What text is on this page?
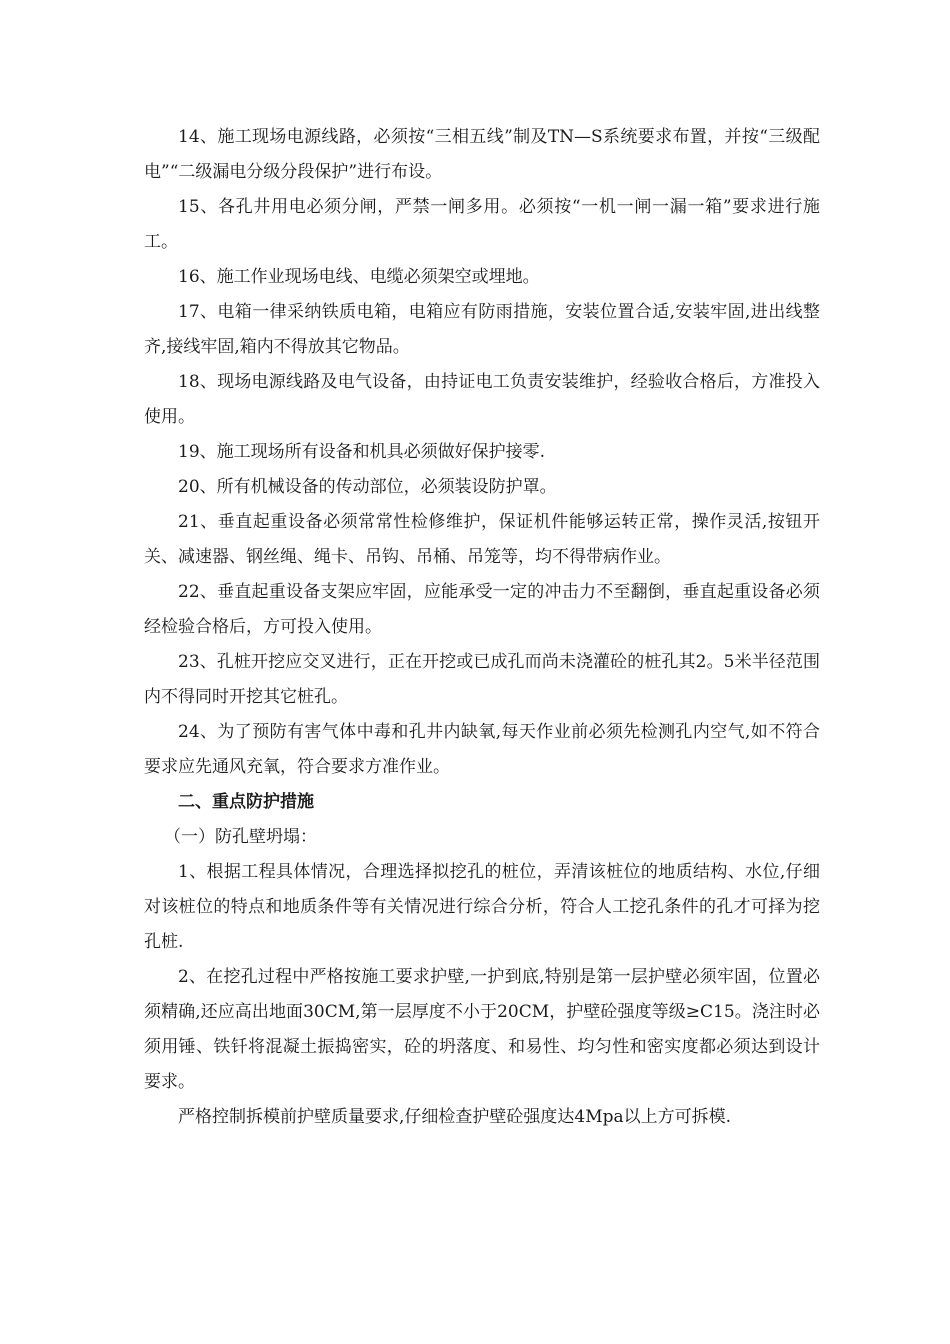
14、施工现场电源线路，必须按“三相五线”制及TN—S系统要求布置，并按“三级配电”“二级漏电分级分段保护”进行布设。

15、各孔井用电必须分闸，严禁一闸多用。必须按“一机一闸一漏一箱”要求进行施工。

16、施工作业现场电线、电缆必须架空或埋地。

17、电箱一律采纳铁质电箱，电箱应有防雨措施，安装位置合适,安装牢固,进出线整齐,接线牢固,箱内不得放其它物品。

18、现场电源线路及电气设备，由持证电工负责安装维护，经验收合格后，方准投入使用。

19、施工现场所有设备和机具必须做好保护接零.

20、所有机械设备的传动部位，必须装设防护罩。

21、垂直起重设备必须常常性检修维护，保证机件能够运转正常，操作灵活,按钮开关、减速器、钢丝绳、绳卡、吊钩、吊桶、吊笼等，均不得带病作业。

22、垂直起重设备支架应牢固，应能承受一定的冲击力不至翻倒，垂直起重设备必须经检验合格后，方可投入使用。

23、孔桩开挖应交叉进行，正在开挖或已成孔而尚未浇灌砼的桩孔其2。5米半径范围内不得同时开挖其它桩孔。

24、为了预防有害气体中毒和孔井内缺氧,每天作业前必须先检测孔内空气,如不符合要求应先通风充氧，符合要求方准作业。

二、重点防护措施

（一）防孔壁坍塌：

1、根据工程具体情况，合理选择拟挖孔的桩位，弄清该桩位的地质结构、水位,仔细对该桩位的特点和地质条件等有关情况进行综合分析，符合人工挖孔条件的孔才可择为挖孔桩.

2、在挖孔过程中严格按施工要求护壁,一护到底,特别是第一层护壁必须牢固，位置必须精确,还应高出地面30CM,第一层厚度不小于20CM，护壁砼强度等级≥C15。浇注时必须用锤、铁钎将混凝土振捣密实，砼的坍落度、和易性、均匀性和密实度都必须达到设计要求。

严格控制拆模前护壁质量要求,仔细检查护壁砼强度达4Mpa以上方可拆模.
